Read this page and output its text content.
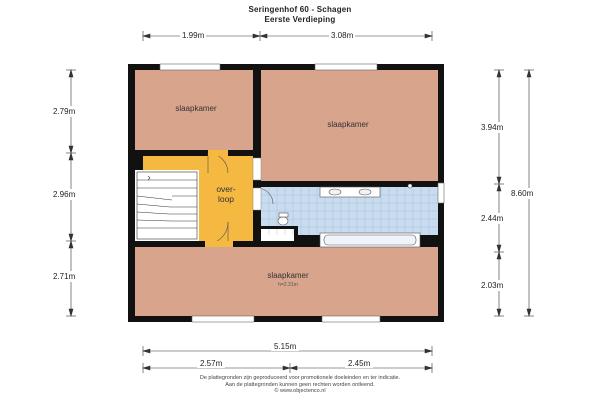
Seringenhof 60 - Schagen
Eerste Verdieping
1.99m	3.08m
2.79m
2.96m
2.71m
3.94m
2.44m
2.03m
8.60m
5.15m
2.57m	2.45m
slaapkamer
slaapkamer
over-
loop
slaapkamer
h=2.31m
De plattegronden zijn geproduceerd voor promotionele doeleinden en ter indicatie.
Aan de plattegronden kunnen geen rechten worden ontleend.
© www.objectenco.nl
